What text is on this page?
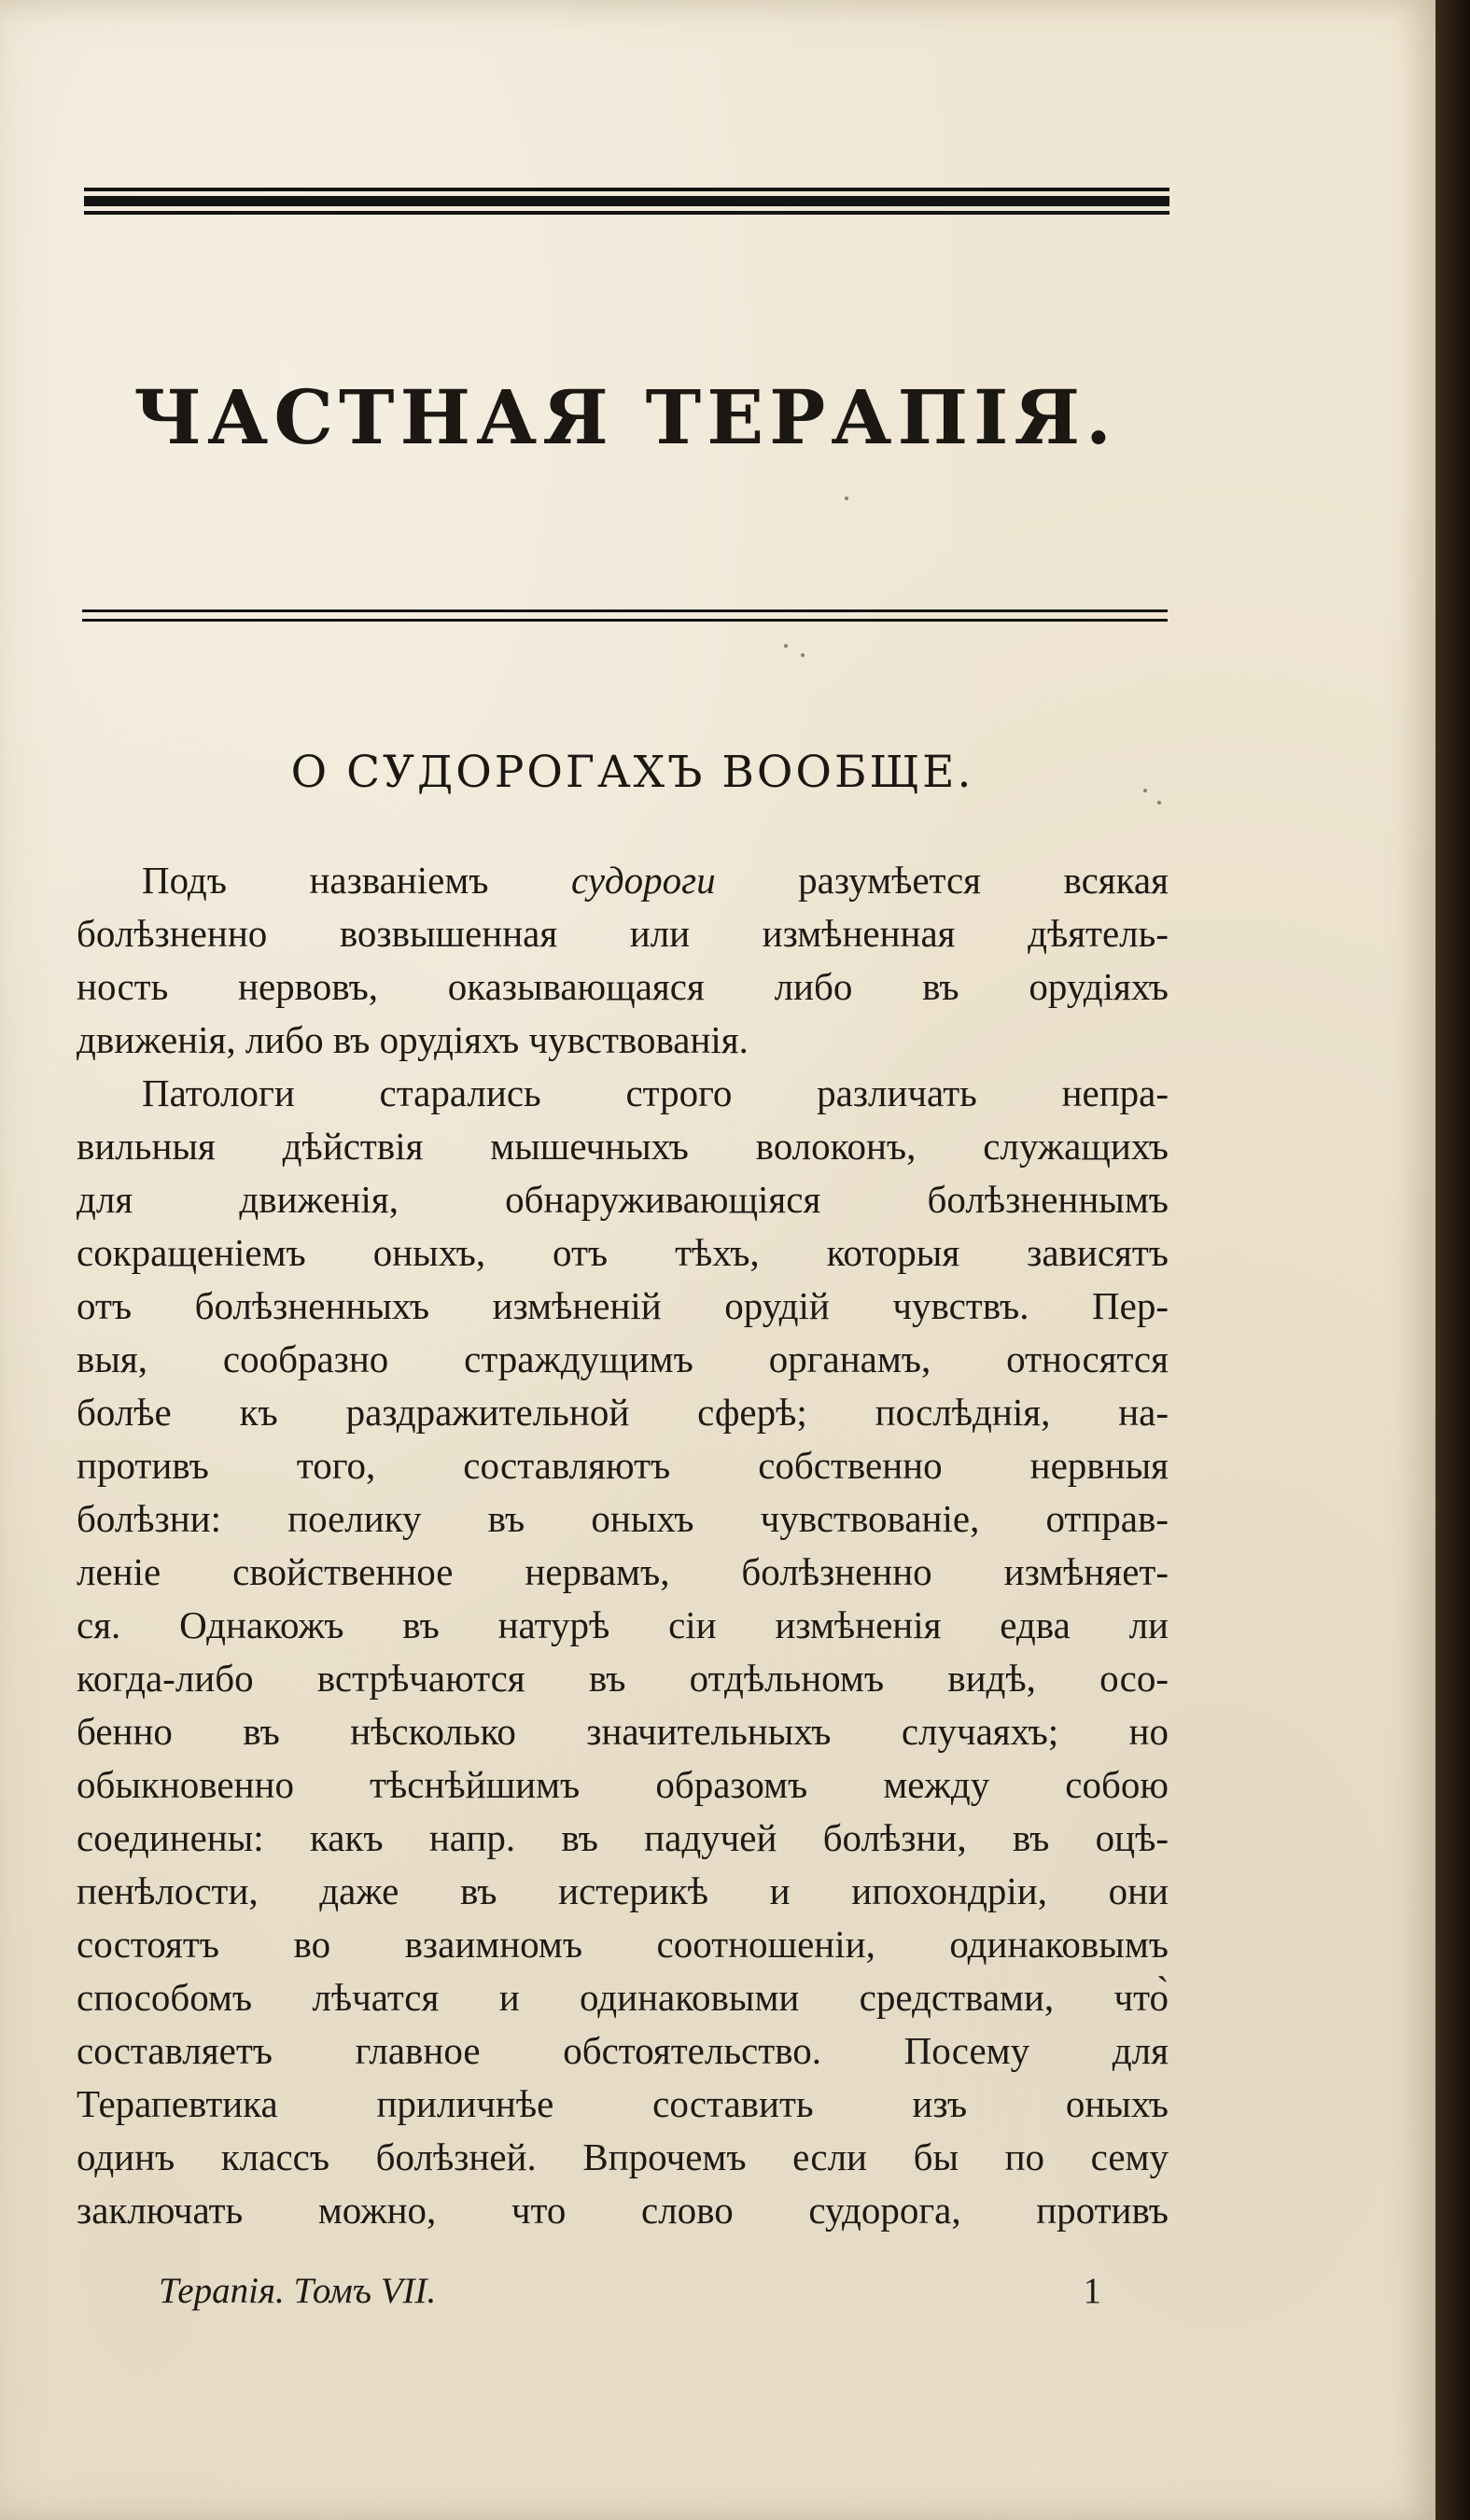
ЧАСТНАЯ ТЕРАПІЯ.
О СУДОРОГАХЪ ВООБЩЕ.

Подъ названіемъ судороги разумѣется всякая
болѣзненно возвышенная или измѣненная дѣятель-
ность нервовъ, оказывающаяся либо въ орудіяхъ
движенія, либо въ орудіяхъ чувствованія.

Патологи старались строго различать непра-
вильныя дѣйствія мышечныхъ волоконъ, служащихъ
для движенія, обнаруживающіяся болѣзненнымъ
сокращеніемъ оныхъ, отъ тѣхъ, которыя зависятъ
отъ болѣзненныхъ измѣненій орудій чувствъ. Пер-
выя, сообразно страждущимъ органамъ, относятся
болѣе къ раздражительной сферѣ; послѣднія, на-
противъ того, составляютъ собственно нервныя
болѣзни: поелику въ оныхъ чувствованіе, отправ-
леніе свойственное нервамъ, болѣзненно измѣняет-
ся. Однакожъ въ натурѣ сіи измѣненія едва ли
когда-либо встрѣчаются въ отдѣльномъ видѣ, осо-
бенно въ нѣсколько значительныхъ случаяхъ; но
обыкновенно тѣснѣйшимъ образомъ между собою
соединены: какъ напр. въ падучей болѣзни, въ оцѣ-
пенѣлости, даже въ истерикѣ и ипохондріи, они
состоятъ во взаимномъ соотношеніи, одинаковымъ
способомъ лѣчатся и одинаковыми средствами, что̀
составляетъ главное обстоятельство. Посему для
Терапевтика приличнѣе составить изъ оныхъ
одинъ классъ болѣзней. Впрочемъ если бы по сему
заключать можно, что слово судорога, противъ

Терапія. Томъ VII.	1
